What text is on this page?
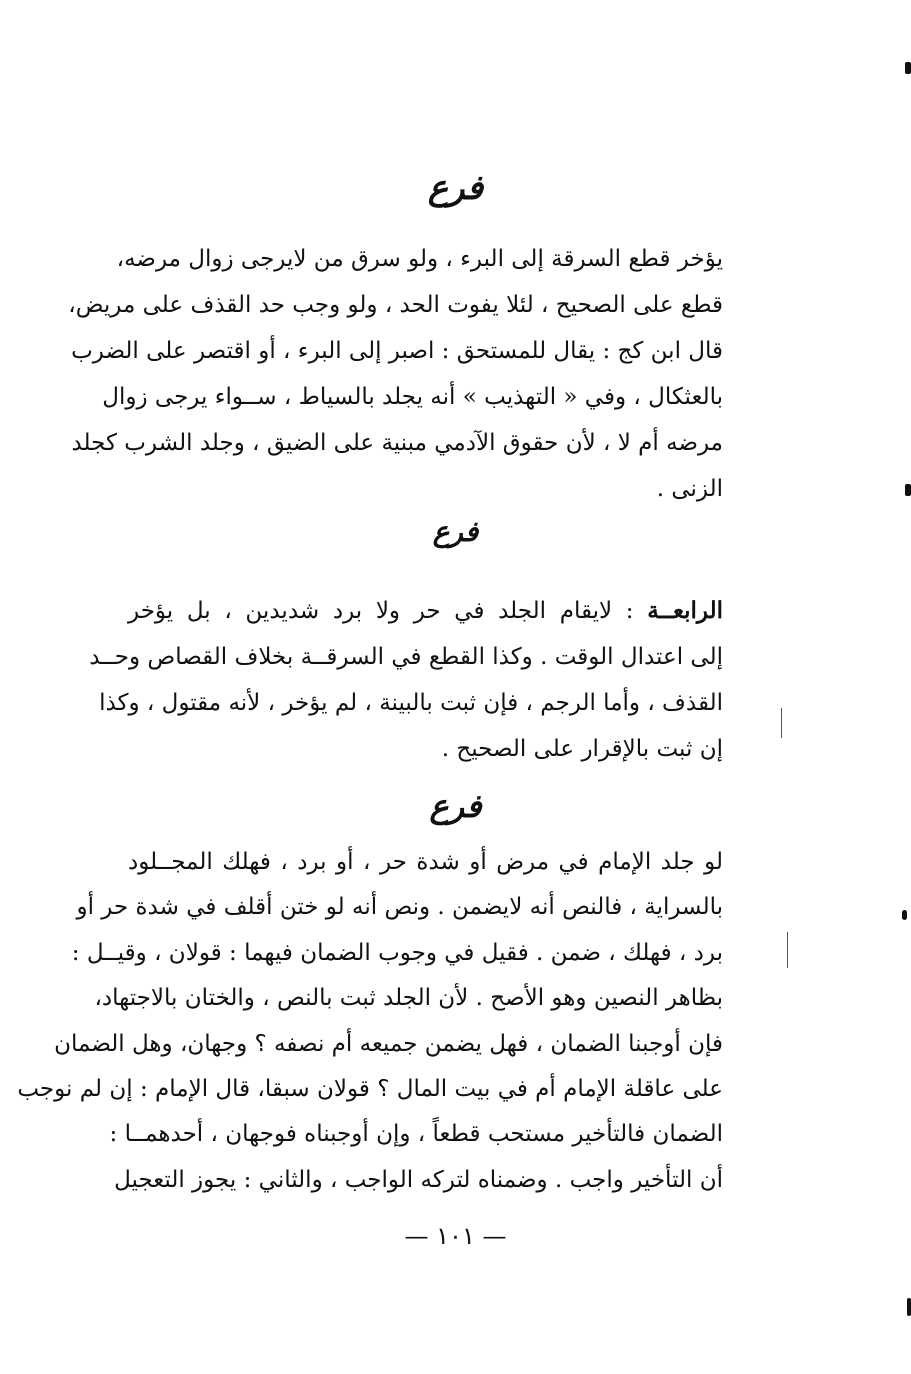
فرع
يؤخر قطع السرقة إلى البرء ، ولو سرق من لايرجى زوال مرضه،
قطع على الصحيح ، لئلا يفوت الحد ، ولو وجب حد القذف على مريض،
قال ابن كج : يقال للمستحق : اصبر إلى البرء ، أو اقتصر على الضرب
بالعثكال ، وفي « التهذيب » أنه يجلد بالسياط ، ســواء يرجى زوال
مرضه أم لا ، لأن حقوق الآدمي مبنية على الضيق ، وجلد الشرب كجلد
الزنى .
فرع
الرابعــة : لايقام الجلد في حر ولا برد شديدين ، بل يؤخر
إلى اعتدال الوقت . وكذا القطع في السرقــة بخلاف القصاص وحــد
القذف ، وأما الرجم ، فإن ثبت بالبينة ، لم يؤخر ، لأنه مقتول ، وكذا
إن ثبت بالإقرار على الصحيح .
فرع
لو جلد الإمام في مرض أو شدة حر ، أو برد ، فهلك المجــلود
بالسراية ، فالنص أنه لايضمن . ونص أنه لو ختن أقلف في شدة حر أو
برد ، فهلك ، ضمن . فقيل في وجوب الضمان فيهما : قولان ، وقيــل :
بظاهر النصين وهو الأصح . لأن الجلد ثبت بالنص ، والختان بالاجتهاد،
فإن أوجبنا الضمان ، فهل يضمن جميعه أم نصفه ؟ وجهان، وهل الضمان
على عاقلة الإمام أم في بيت المال ؟ قولان سبقا، قال الإمام : إن لم نوجب
الضمان فالتأخير مستحب قطعاً ، وإن أوجبناه فوجهان ، أحدهمــا :
أن التأخير واجب . وضمناه لتركه الواجب ، والثاني : يجوز التعجيل
— ١٠١ —
